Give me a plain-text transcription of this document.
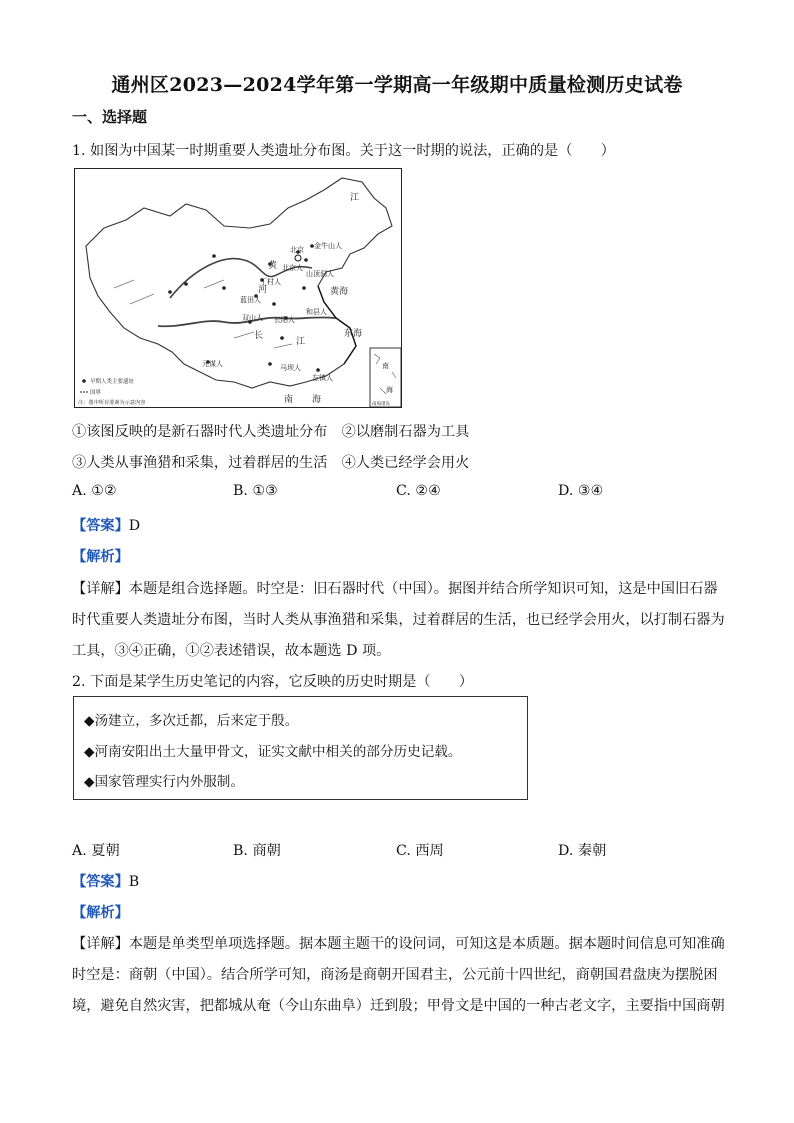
通州区2023—2024学年第一学期高一年级期中质量检测历史试卷
一、选择题
1. 如图为中国某一时期重要人类遗址分布图。关于这一时期的说法，正确的是（　　）
北京 金牛山人
北京人
山顶洞人
黄
河
丁村人
蓝田人
黄海
双山人 长阳人
和县人
长
江
东海
元谋人	马坝人
左镇人
南 海
江
南
海
南海诸岛
早期人类主要遗址
国界
注：图中所有要素为示意内容
①该图反映的是新石器时代人类遗址分布　②以磨制石器为工具
③人类从事渔猎和采集，过着群居的生活　④人类已经学会用火
A. ①②	B. ①③	C. ②④	D. ③④
【答案】D
【解析】
【详解】本题是组合选择题。时空是：旧石器时代（中国）。据图并结合所学知识可知，这是中国旧石器
时代重要人类遗址分布图，当时人类从事渔猎和采集，过着群居的生活，也已经学会用火，以打制石器为
工具，③④正确，①②表述错误，故本题选 D 项。
2. 下面是某学生历史笔记的内容，它反映的历史时期是（　　）
◆汤建立，多次迁都，后来定于殷。
◆河南安阳出土大量甲骨文，证实文献中相关的部分历史记载。
◆国家管理实行内外服制。
A. 夏朝	B. 商朝	C. 西周	D. 秦朝
【答案】B
【解析】
【详解】本题是单类型单项选择题。据本题主题干的设问词，可知这是本质题。据本题时间信息可知准确
时空是：商朝（中国）。结合所学可知，商汤是商朝开国君主，公元前十四世纪，商朝国君盘庚为摆脱困
境，避免自然灾害，把都城从奄（今山东曲阜）迁到殷；甲骨文是中国的一种古老文字，主要指中国商朝
